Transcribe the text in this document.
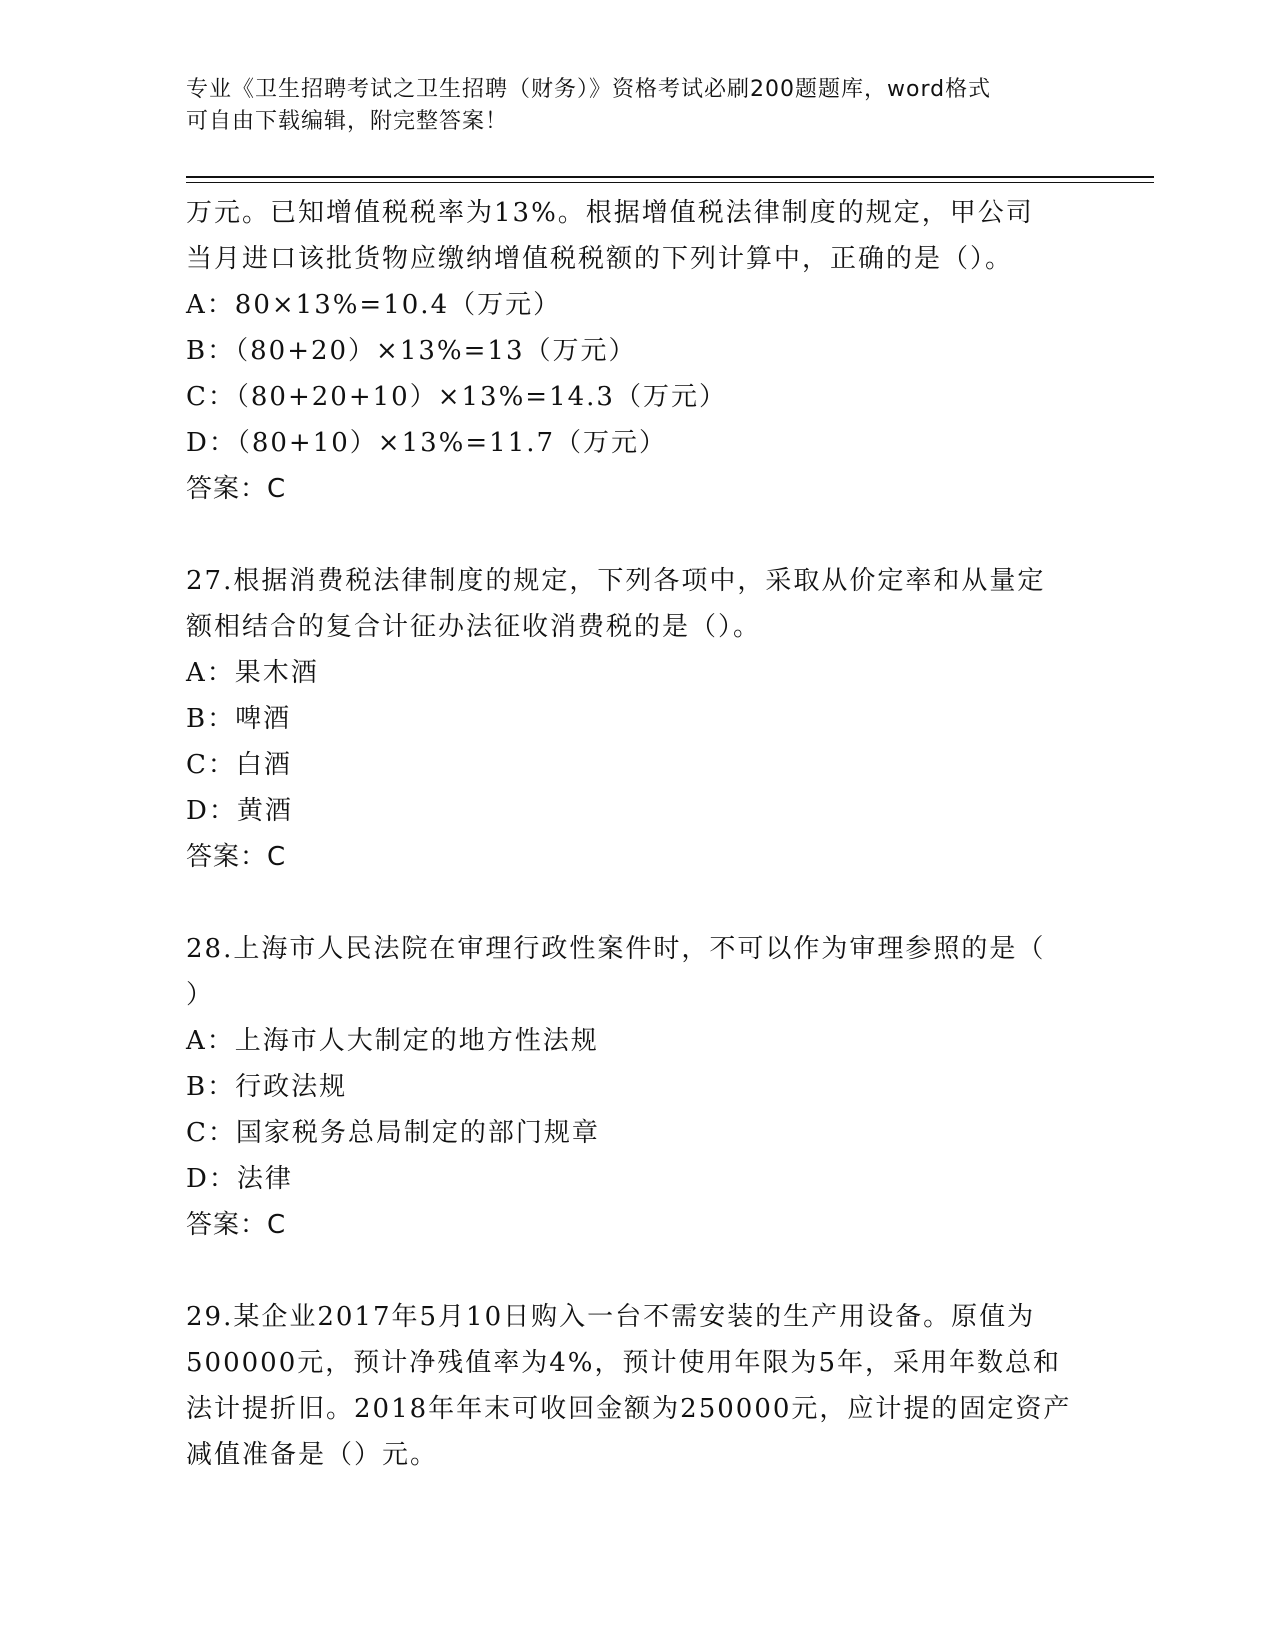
专业《卫生招聘考试之卫生招聘（财务）》资格考试必刷200题题库，word格式
可自由下载编辑，附完整答案！
万元。已知增值税税率为13%。根据增值税法律制度的规定，甲公司
当月进口该批货物应缴纳增值税税额的下列计算中，正确的是（）。
A：80×13%=10.4（万元）
B：（80+20）×13%=13（万元）
C：（80+20+10）×13%=14.3（万元）
D：（80+10）×13%=11.7（万元）
答案：C
27.根据消费税法律制度的规定，下列各项中，采取从价定率和从量定
额相结合的复合计征办法征收消费税的是（）。
A：果木酒
B：啤酒
C：白酒
D：黄酒
答案：C
28.上海市人民法院在审理行政性案件时，不可以作为审理参照的是（
）
A：上海市人大制定的地方性法规
B：行政法规
C：国家税务总局制定的部门规章
D：法律
答案：C
29.某企业2017年5月10日购入一台不需安装的生产用设备。原值为
500000元，预计净残值率为4%，预计使用年限为5年，采用年数总和
法计提折旧。2018年年末可收回金额为250000元，应计提的固定资产
减值准备是（）元。
